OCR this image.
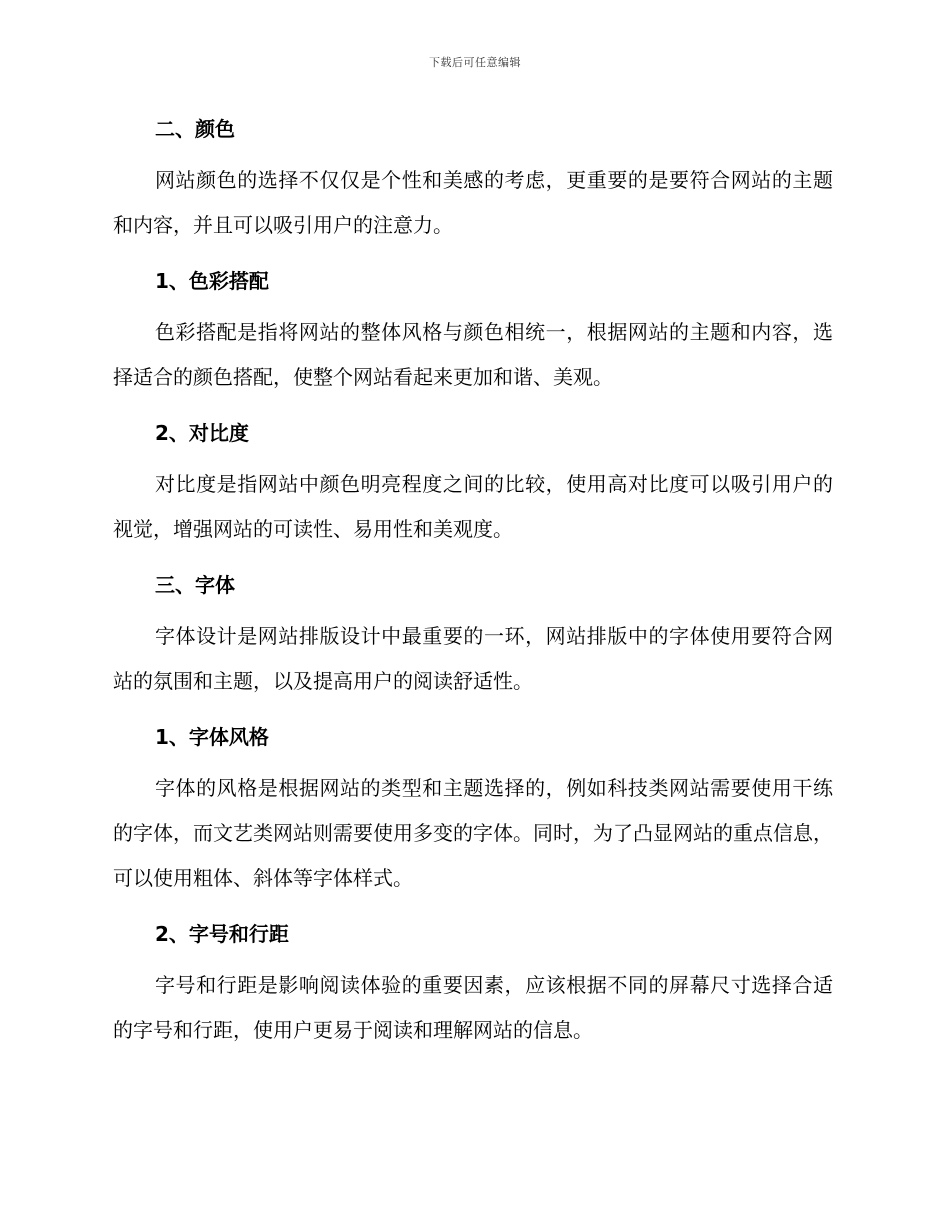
下载后可任意编辑
二、颜色

网站颜色的选择不仅仅是个性和美感的考虑，更重要的是要符合网站的主题和内容，并且可以吸引用户的注意力。

1、色彩搭配

色彩搭配是指将网站的整体风格与颜色相统一，根据网站的主题和内容，选择适合的颜色搭配，使整个网站看起来更加和谐、美观。

2、对比度

对比度是指网站中颜色明亮程度之间的比较，使用高对比度可以吸引用户的视觉，增强网站的可读性、易用性和美观度。

三、字体

字体设计是网站排版设计中最重要的一环，网站排版中的字体使用要符合网站的氛围和主题，以及提高用户的阅读舒适性。

1、字体风格

字体的风格是根据网站的类型和主题选择的，例如科技类网站需要使用干练的字体，而文艺类网站则需要使用多变的字体。同时，为了凸显网站的重点信息，可以使用粗体、斜体等字体样式。

2、字号和行距

字号和行距是影响阅读体验的重要因素，应该根据不同的屏幕尺寸选择合适的字号和行距，使用户更易于阅读和理解网站的信息。
